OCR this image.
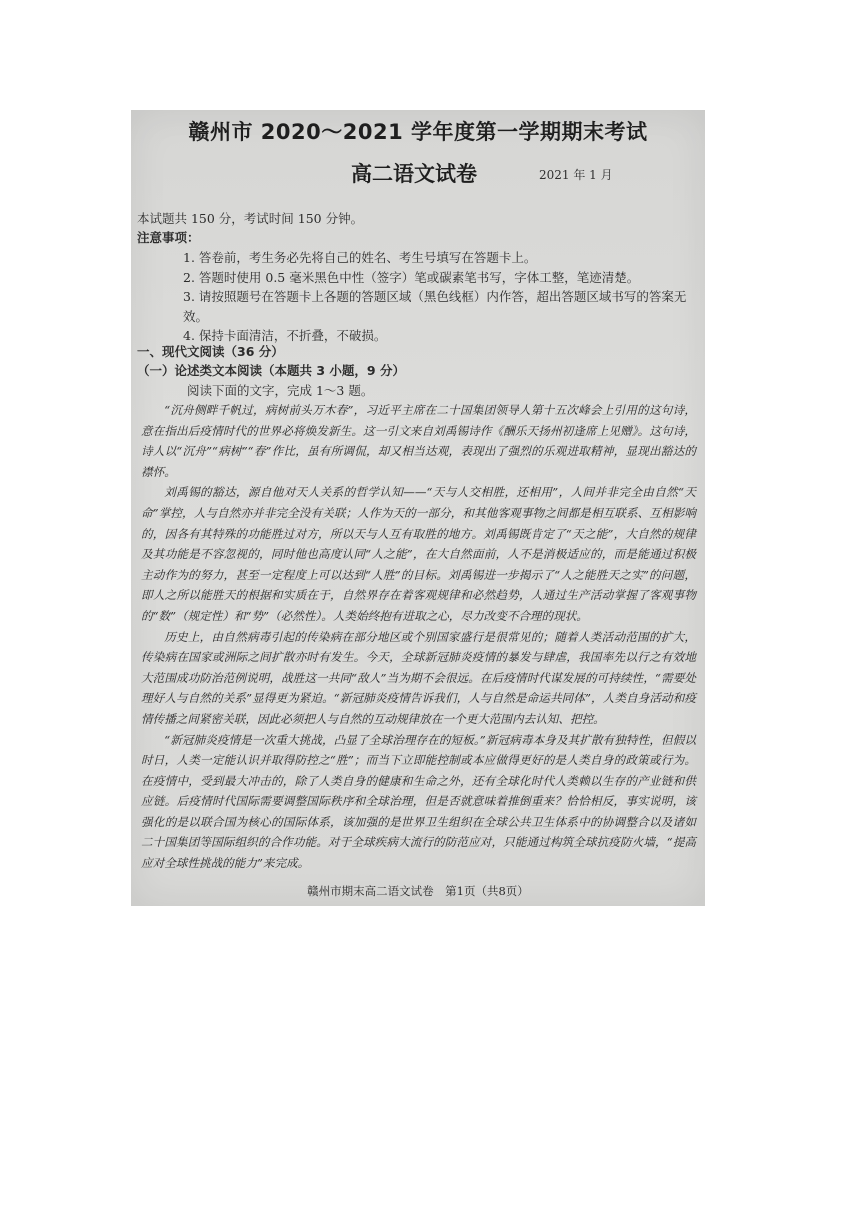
赣州市 2020～2021 学年度第一学期期末考试
高二语文试卷	2021 年 1 月
本试题共 150 分，考试时间 150 分钟。
注意事项：
1. 答卷前，考生务必先将自己的姓名、考生号填写在答题卡上。
2. 答题时使用 0.5 毫米黑色中性（签字）笔或碳素笔书写，字体工整，笔迹清楚。
3. 请按照题号在答题卡上各题的答题区域（黑色线框）内作答，超出答题区域书写的答案无效。
4. 保持卡面清洁，不折叠，不破损。
一、现代文阅读（36 分）
（一）论述类文本阅读（本题共 3 小题，9 分）
阅读下面的文字，完成 1～3 题。

“沉舟侧畔千帆过，病树前头万木春”，习近平主席在二十国集团领导人第十五次峰会上引用的这句诗，意在指出后疫情时代的世界必将焕发新生。这一引文来自刘禹锡诗作《酬乐天扬州初逢席上见赠》。这句诗，诗人以“沉舟”“病树”“春”作比，虽有所调侃，却又相当达观，表现出了强烈的乐观进取精神，显现出豁达的襟怀。

刘禹锡的豁达，源自他对天人关系的哲学认知——“天与人交相胜，还相用”，人间并非完全由自然“天命”掌控，人与自然亦并非完全没有关联；人作为天的一部分，和其他客观事物之间都是相互联系、互相影响的，因各有其特殊的功能胜过对方，所以天与人互有取胜的地方。刘禹锡既肯定了“天之能”，大自然的规律及其功能是不容忽视的，同时他也高度认同“人之能”，在大自然面前，人不是消极适应的，而是能通过积极主动作为的努力，甚至一定程度上可以达到“人胜”的目标。刘禹锡进一步揭示了“人之能胜天之实”的问题，即人之所以能胜天的根据和实质在于，自然界存在着客观规律和必然趋势，人通过生产活动掌握了客观事物的“数”（规定性）和“势”（必然性）。人类始终抱有进取之心，尽力改变不合理的现状。

历史上，由自然病毒引起的传染病在部分地区或个别国家盛行是很常见的；随着人类活动范围的扩大，传染病在国家或洲际之间扩散亦时有发生。今天，全球新冠肺炎疫情的暴发与肆虐，我国率先以行之有效地大范围成功防治范例说明，战胜这一共同“敌人”当为期不会很远。在后疫情时代谋发展的可持续性，“需要处理好人与自然的关系”显得更为紧迫。“新冠肺炎疫情告诉我们，人与自然是命运共同体”，人类自身活动和疫情传播之间紧密关联，因此必须把人与自然的互动规律放在一个更大范围内去认知、把控。

“新冠肺炎疫情是一次重大挑战，凸显了全球治理存在的短板。”新冠病毒本身及其扩散有独特性，但假以时日，人类一定能认识并取得防控之“胜”；而当下立即能控制或本应做得更好的是人类自身的政策或行为。在疫情中，受到最大冲击的，除了人类自身的健康和生命之外，还有全球化时代人类赖以生存的产业链和供应链。后疫情时代国际需要调整国际秩序和全球治理，但是否就意味着推倒重来？恰恰相反，事实说明，该强化的是以联合国为核心的国际体系，该加强的是世界卫生组织在全球公共卫生体系中的协调整合以及诸如二十国集团等国际组织的合作功能。对于全球疾病大流行的防范应对，只能通过构筑全球抗疫防火墙，“提高应对全球性挑战的能力”来完成。

赣州市期末高二语文试卷　第1页（共8页）
